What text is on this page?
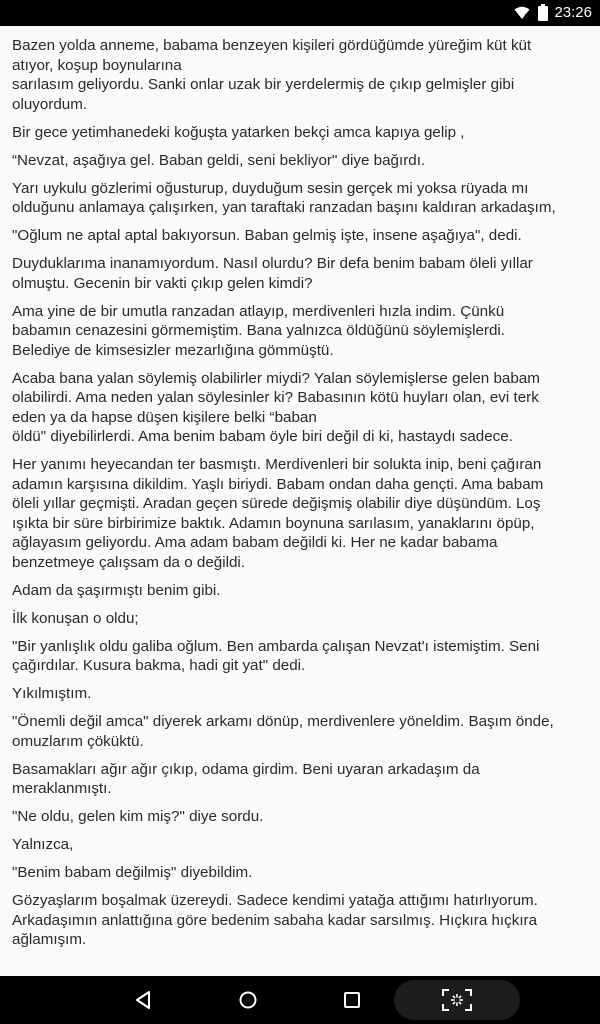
23:26

Bazen yolda anneme, babama benzeyen kişileri gördüğümde yüreğim küt küt atıyor, koşup boynularına
sarılasım geliyordu. Sanki onlar uzak bir yerdelermiş de çıkıp gelmişler gibi oluyordum.

Bir gece yetimhanedeki koğuşta yatarken bekçi amca kapıya gelip ,

“Nevzat, aşağıya gel. Baban geldi, seni bekliyor" diye bağırdı.

Yarı uykulu gözlerimi oğusturup, duyduğum sesin gerçek mi yoksa rüyada mı olduğunu anlamaya çalışırken, yan taraftaki ranzadan başını kaldıran arkadaşım,

"Oğlum ne aptal aptal bakıyorsun. Baban gelmiş işte, insene aşağıya", dedi.

Duyduklarıma inanamıyordum. Nasıl olurdu? Bir defa benim babam öleli yıllar olmuştu. Gecenin bir vakti çıkıp gelen kimdi?

Ama yine de bir umutla ranzadan atlayıp, merdivenleri hızla indim. Çünkü babamın cenazesini görmemiştim. Bana yalnızca öldüğünü söylemişlerdi. Belediye de kimsesizler mezarlığına gömmüştü.

Acaba bana yalan söylemiş olabilirler miydi? Yalan söylemişlerse gelen babam olabilirdi. Ama neden yalan söylesinler ki? Babasının kötü huyları olan, evi terk eden ya da hapse düşen kişilere belki “baban
öldü" diyebilirlerdi. Ama benim babam öyle biri değil di ki, hastaydı sadece.

Her yanımı heyecandan ter basmıştı. Merdivenleri bir solukta inip, beni çağıran adamın karşısına dikildim. Yaşlı biriydi. Babam ondan daha gençti. Ama babam öleli yıllar geçmişti. Aradan geçen sürede değişmiş olabilir diye düşündüm. Loş ışıkta bir süre birbirimize baktık. Adamın boynuna sarılasım, yanaklarını öpüp, ağlayasım geliyordu. Ama adam babam değildi ki. Her ne kadar babama benzetmeye çalışsam da o değildi.

Adam da şaşırmıştı benim gibi.

İlk konuşan o oldu;

"Bir yanlışlık oldu galiba oğlum. Ben ambarda çalışan Nevzat'ı istemiştim. Seni çağırdılar. Kusura bakma, hadi git yat" dedi.

Yıkılmıştım.

"Önemli değil amca" diyerek arkamı dönüp, merdivenlere yöneldim. Başım önde, omuzlarım çöküktü.

Basamakları ağır ağır çıkıp, odama girdim. Beni uyaran arkadaşım da meraklanmıştı.

"Ne oldu, gelen kim miş?" diye sordu.

Yalnızca,

"Benim babam değilmiş" diyebildim.

Gözyaşlarım boşalmak üzereydi. Sadece kendimi yatağa attığımı hatırlıyorum. Arkadaşımın anlattığına göre bedenim sabaha kadar sarsılmış. Hıçkıra hıçkıra ağlamışım.
